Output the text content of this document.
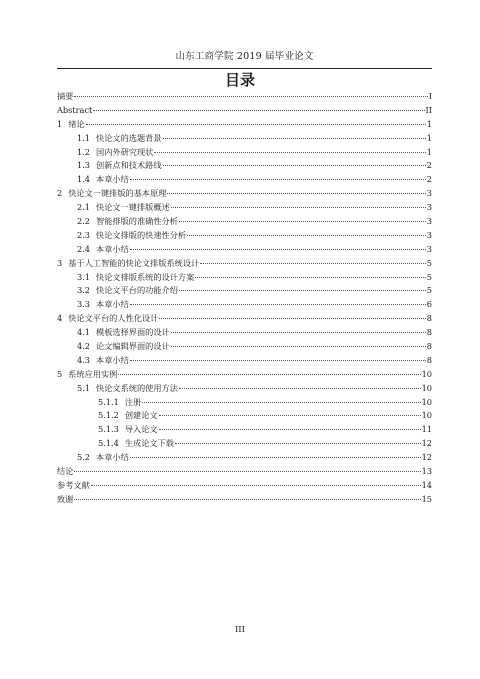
山东工商学院 2019 届毕业论文
目录
摘要	I
Abstract	II
1 绪论	1
1.1 快论文的选题背景	1
1.2 国内外研究现状	1
1.3 创新点和技术路线	2
1.4 本章小结	2
2 快论文一键排版的基本原理	3
2.1 快论文一键排版概述	3
2.2 智能排版的准确性分析	3
2.3 快论文排版的快速性分析	3
2.4 本章小结	3
3 基于人工智能的快论文排版系统设计	5
3.1 快论文排版系统的设计方案	5
3.2 快论文平台的功能介绍	5
3.3 本章小结	6
4 快论文平台的人性化设计	8
4.1 模板选择界面的设计	8
4.2 论文编辑界面的设计	8
4.3 本章小结	8
5 系统应用实例	10
5.1 快论文系统的使用方法	10
5.1.1 注册	10
5.1.2 创建论文	10
5.1.3 导入论文	11
5.1.4 生成论文下载	12
5.2 本章小结	12
结论	13
参考文献	14
致谢	15
III
